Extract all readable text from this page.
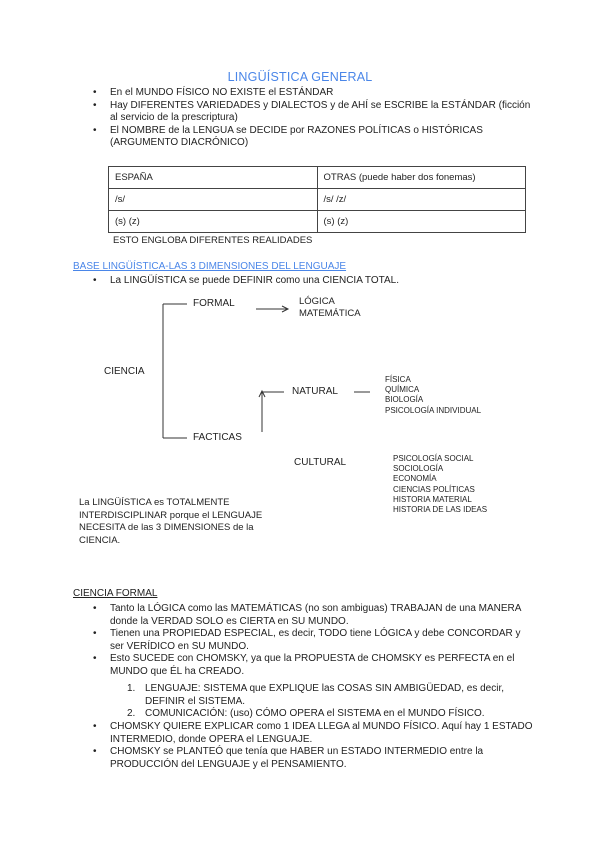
LINGÜÍSTICA GENERAL
• En el MUNDO FÍSICO NO EXISTE el ESTÁNDAR
• Hay DIFERENTES VARIEDADES y DIALECTOS y de AHÍ se ESCRIBE la ESTÁNDAR (ficción al servicio de la prescriptura)
• El NOMBRE de la LENGUA se DECIDE por RAZONES POLÍTICAS o HISTÓRICAS (ARGUMENTO DIACRÓNICO)
ESPAÑA	OTRAS (puede haber dos fonemas)
/s/	/s/ /z/
(s) (z)	(s) (z)
ESTO ENGLOBA DIFERENTES REALIDADES
BASE LINGÜÍSTICA-LAS 3 DIMENSIONES DEL LENGUAJE
• La LINGÜÍSTICA se puede DEFINIR como una CIENCIA TOTAL.
FORMAL	LÓGICA
MATEMÁTICA
CIENCIA
NATURAL
FÍSICA
QUÍMICA
BIOLOGÍA
PSICOLOGÍA INDIVIDUAL
FACTICAS
CULTURAL	PSICOLOGÍA SOCIAL
SOCIOLOGÍA
ECONOMÍA
CIENCIAS POLÍTICAS
HISTORIA MATERIAL
HISTORIA DE LAS IDEAS
La LINGÜÍSTICA es TOTALMENTE INTERDISCIPLINAR porque el LENGUAJE NECESITA de las 3 DIMENSIONES de la CIENCIA.
CIENCIA FORMAL
• Tanto la LÓGICA como las MATEMÁTICAS (no son ambiguas) TRABAJAN de una MANERA donde la VERDAD SOLO es CIERTA en SU MUNDO.
• Tienen una PROPIEDAD ESPECIAL, es decir, TODO tiene LÓGICA y debe CONCORDAR y ser VERÍDICO en SU MUNDO.
• Esto SUCEDE con CHOMSKY, ya que la PROPUESTA de CHOMSKY es PERFECTA en el MUNDO que ÉL ha CREADO.
1. LENGUAJE: SISTEMA que EXPLIQUE las COSAS SIN AMBIGÜEDAD, es decir, DEFINIR el SISTEMA.
2. COMUNICACIÓN: (uso) CÓMO OPERA el SISTEMA en el MUNDO FÍSICO.
• CHOMSKY QUIERE EXPLICAR como 1 IDEA LLEGA al MUNDO FÍSICO. Aquí hay 1 ESTADO INTERMEDIO, donde OPERA el LENGUAJE.
• CHOMSKY se PLANTEÓ que tenía que HABER un ESTADO INTERMEDIO entre la PRODUCCIÓN del LENGUAJE y el PENSAMIENTO.
